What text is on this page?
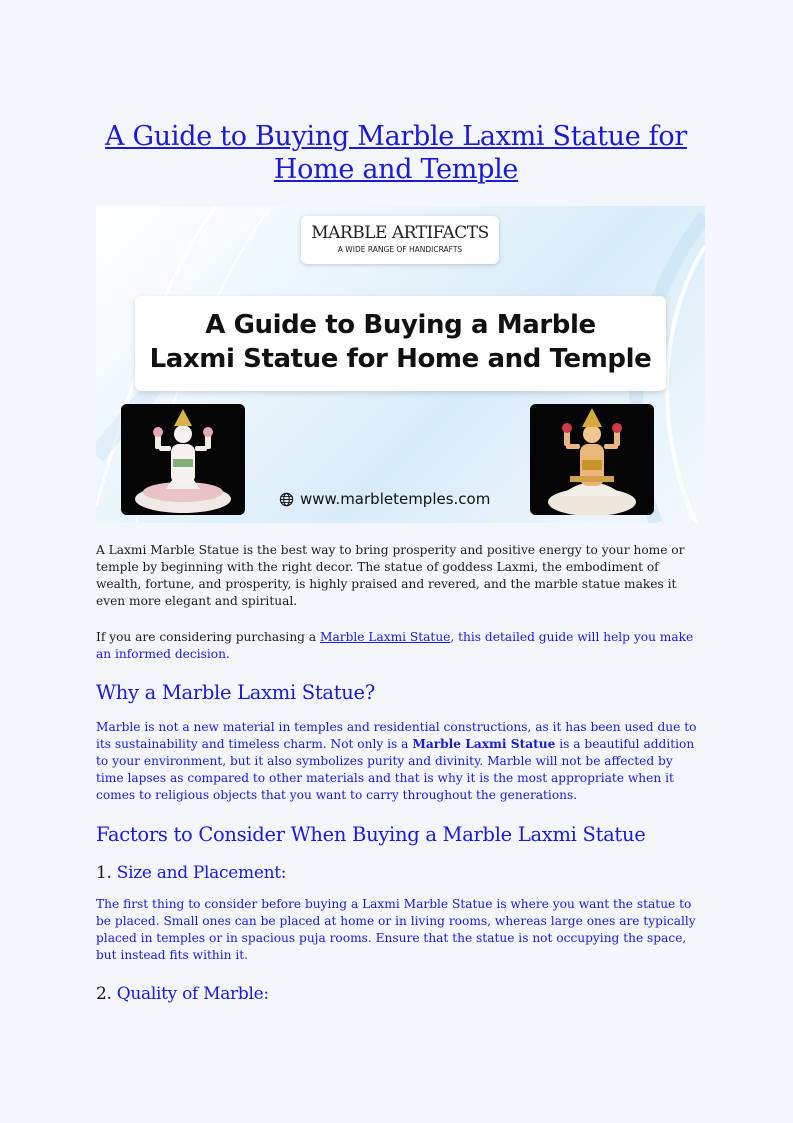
A Guide to Buying Marble Laxmi Statue for Home and Temple
MARBLE ARTIFACTS
A WIDE RANGE OF HANDICRAFTS
A Guide to Buying a Marble
Laxmi Statue for Home and Temple
www.marbletemples.com

A Laxmi Marble Statue is the best way to bring prosperity and positive energy to your home or temple by beginning with the right decor. The statue of goddess Laxmi, the embodiment of wealth, fortune, and prosperity, is highly praised and revered, and the marble statue makes it even more elegant and spiritual.

If you are considering purchasing a Marble Laxmi Statue, this detailed guide will help you make an informed decision.

Why a Marble Laxmi Statue?

Marble is not a new material in temples and residential constructions, as it has been used due to its sustainability and timeless charm. Not only is a Marble Laxmi Statue is a beautiful addition to your environment, but it also symbolizes purity and divinity. Marble will not be affected by time lapses as compared to other materials and that is why it is the most appropriate when it comes to religious objects that you want to carry throughout the generations.

Factors to Consider When Buying a Marble Laxmi Statue
1. Size and Placement:

The first thing to consider before buying a Laxmi Marble Statue is where you want the statue to be placed. Small ones can be placed at home or in living rooms, whereas large ones are typically placed in temples or in spacious puja rooms. Ensure that the statue is not occupying the space, but instead fits within it.

2. Quality of Marble:
